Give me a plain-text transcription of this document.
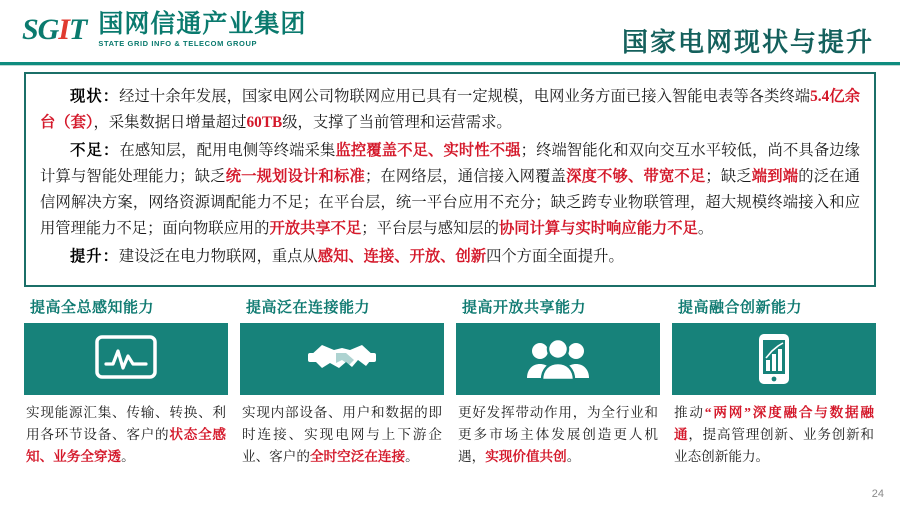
SGIT 国网信通产业集团
STATE GRID INFO & TELECOM GROUP	国家电网现状与提升

现状：经过十余年发展，国家电网公司物联网应用已具有一定规模，电网业务方面已接入智能电表等各类终端5.4亿余台（套），采集数据日增量超过60TB级，支撑了当前管理和运营需求。

不足：在感知层，配用电侧等终端采集监控覆盖不足、实时性不强；终端智能化和双向交互水平较低，尚不具备边缘计算与智能处理能力；缺乏统一规划设计和标准；在网络层，通信接入网覆盖深度不够、带宽不足；缺乏端到端的泛在通信网解决方案，网络资源调配能力不足；在平台层，统一平台应用不充分；缺乏跨专业物联管理，超大规模终端接入和应用管理能力不足；面向物联应用的开放共享不足；平台层与感知层的协同计算与实时响应能力不足。

提升：建设泛在电力物联网，重点从感知、连接、开放、创新四个方面全面提升。

提高全总感知能力
实现能源汇集、传输、转换、利用各环节设备、客户的状态全感知、业务全穿透。
提高泛在连接能力
实现内部设备、用户和数据的即时连接、实现电网与上下游企业、客户的全时空泛在连接。
提高开放共享能力
更好发挥带动作用，为全行业和更多市场主体发展创造更人机遇，实现价值共创。
提高融合创新能力
推动“两网”深度融合与数据融通，提高管理创新、业务创新和业态创新能力。
24
